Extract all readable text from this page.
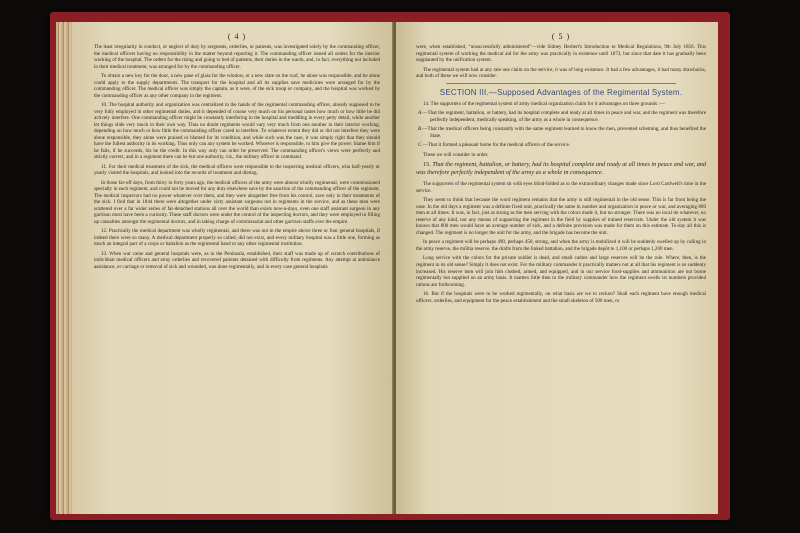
( 4 )

The least irregularity in conduct, or neglect of duty by sergeants, orderlies, or patients, was investigated solely by the commanding officer, the medical officers having no responsibility in the matter beyond reporting it. The commanding officer issued all orders for the interior working of the hospital. The orders for the rising and going to bed of patients, their duties in the wards, and, in fact, everything not included in their medical treatment, was arranged for by the commanding officer.

To obtain a new key for the door, a new pane of glass for the window, or a new slate on the roof, he alone was responsible, and he alone could apply to the supply departments. The transport for the hospital and all its supplies save medicines were arranged for by the commanding officer. The medical officer was simply the captain, as it were, of the sick troop or company, and the hospital was worked by the commanding officer as any other company in the regiment.

10. The hospital authority and organization was centralized in the hands of the regimental commanding officer, already supposed to be very fully employed in other regimental duties, and it depended of course very much on his personal tastes how much or how little he did actively interfere. One commanding officer might be constantly interfering in the hospital and meddling in every petty detail, while another let things slide very much in their own way. Thus no doubt regiments would vary very much from one another in their interior working, depending on how much or how little the commanding officer cared to interfere. To whatever extent they did or did not interfere they were alone responsible, they alone were praised or blamed for its condition, and while such was the case, it was simply right that they should have the fullest authority in its working. Thus only can any system be worked. Whoever is responsible, to him give the power: blame him if he fails, if he succeeds, his be the credit. In this way only can order be preserved. The commanding officer's views were perfectly and strictly correct, and in a regiment there can be but one authority, viz., the military officer in command.

11. For their medical treatment of the sick, the medical officers were responsible to the inspecting medical officers, who half-yearly or yearly visited the hospitals, and looked into the records of treatment and dieting.

In those far-off days, from thirty to forty years ago, the medical officers of the army were almost wholly regimental, were commissioned specially in each regiment, and could not be moved for any duty elsewhere save by the sanction of the commanding officer of the regiment. The medical inspectors had no power whatever over them, and they were altogether free from his control, save only in their treatments of the sick. I find that in 1844 there were altogether under sixty assistant surgeons not in regiments in the service, and as these men were scattered over a far wider series of far-detached stations all over the world than exists now-a-days, even one staff assistant surgeon in any garrison must have been a curiosity. These staff doctors were under the control of the inspecting doctors, and they were employed in filling up casualties amongst the regimental doctors, and in taking charge of commissariat and other garrison staffs over the empire.

12. Practically the medical department was wholly regimental, and there was not in the empire above three or four general hospitals, if indeed there were so many. A medical department properly so called, did not exist, and every military hospital was a little one, forming as much an integral part of a corps or battalion as the regimental band or any other regimental institution.

13. When war came and general hospitals were, as in the Peninsula, established, their staff was made up of scratch contributions of individual medical officers and stray orderlies and recovered patients detained with difficulty from regiments. Any attempt at ambulance assistance, or carriage or removal of sick and wounded, was done regimentally, and in every case general hospitals

( 5 )

were, when established, “unsuccessfully administered”—vide Sidney Herbert's Introduction to Medical Regulations, 9th July 1856. This regimental system of working the medical aid for the army was practically in existence until 1873, but since that date it has gradually been supplanted by the unification system.

The regimental system had at any rate one claim on the service, it was of long existence. It had a few advantages, it had many drawbacks, and both of these we will now consider.

SECTION III.—Supposed Advantages of the Regimental System.

14. The supporters of the regimental system of army medical organization claim for it advantages on three grounds :—

A.—That the regiment, battalion, or battery, had its hospital complete and ready at all times in peace and war, and the regiment was therefore perfectly independent, medically speaking, of the army as a whole in consequence.
B.—That the medical officers being constantly with the same regiment learned to know the men, prevented scheming, and thus benefited the State.
C.—That it formed a pleasant home for the medical officers of the service.

These we will consider in order.

15. That the regiment, battalion, or battery, had its hospital complete and ready at all times in peace and war, and was therefore perfectly independent of the army as a whole in consequence.

The supporters of the regimental system sit with eyes blind-folded as to the extraordinary changes made since Lord Cardwell's time in the service.

They seem to think that because the word regiment remains that the army is still regimental in the old sense. This is far from being the case. In the old days a regiment was a definite fixed unit, practically the same in number and organization in peace or war, and averaging 800 men at all times. It was, in fact, just as strong as the men serving with the colors made it, but no stronger. There was no local tie whatever, no reserve of any kind, nor any means of supporting the regiment in the field by supplies of trained reservists. Under the old system it was known that 800 men would have an average number of sick, and a definite provision was made for them on this estimate. To-day all this is changed. The regiment is no longer the unit for the army, and the brigade has become the unit.

In peace a regiment will be perhaps 490, perhaps 450, strong, and when the army is mobilized it will be suddenly swelled up by calling in the army reserve, the militia reserve, the drafts from the linked battalion, and the brigade depôt to 1,100 or perhaps 1,200 men.

Long service with the colors for the private soldier is dead, and small cadres and large reserves will be the rule. Where, then, is the regiment in its old sense? Simply it does not exist. For the military commander it practically matters not at all that his regiment is so suddenly increased. His reserve men will join him clothed, armed, and equipped, and in our service food-supplies and ammunition are not borne regimentally but supplied on an army basis. It matters little then to the military commander how the regiment swells its numbers provided rations are forthcoming.

16. But if the hospitals were to be worked regimentally, on what basis are we to reckon? Shall each regiment have enough medical officers, orderlies, and equipment for the peace establishment and the small skeleton of 500 men, or
